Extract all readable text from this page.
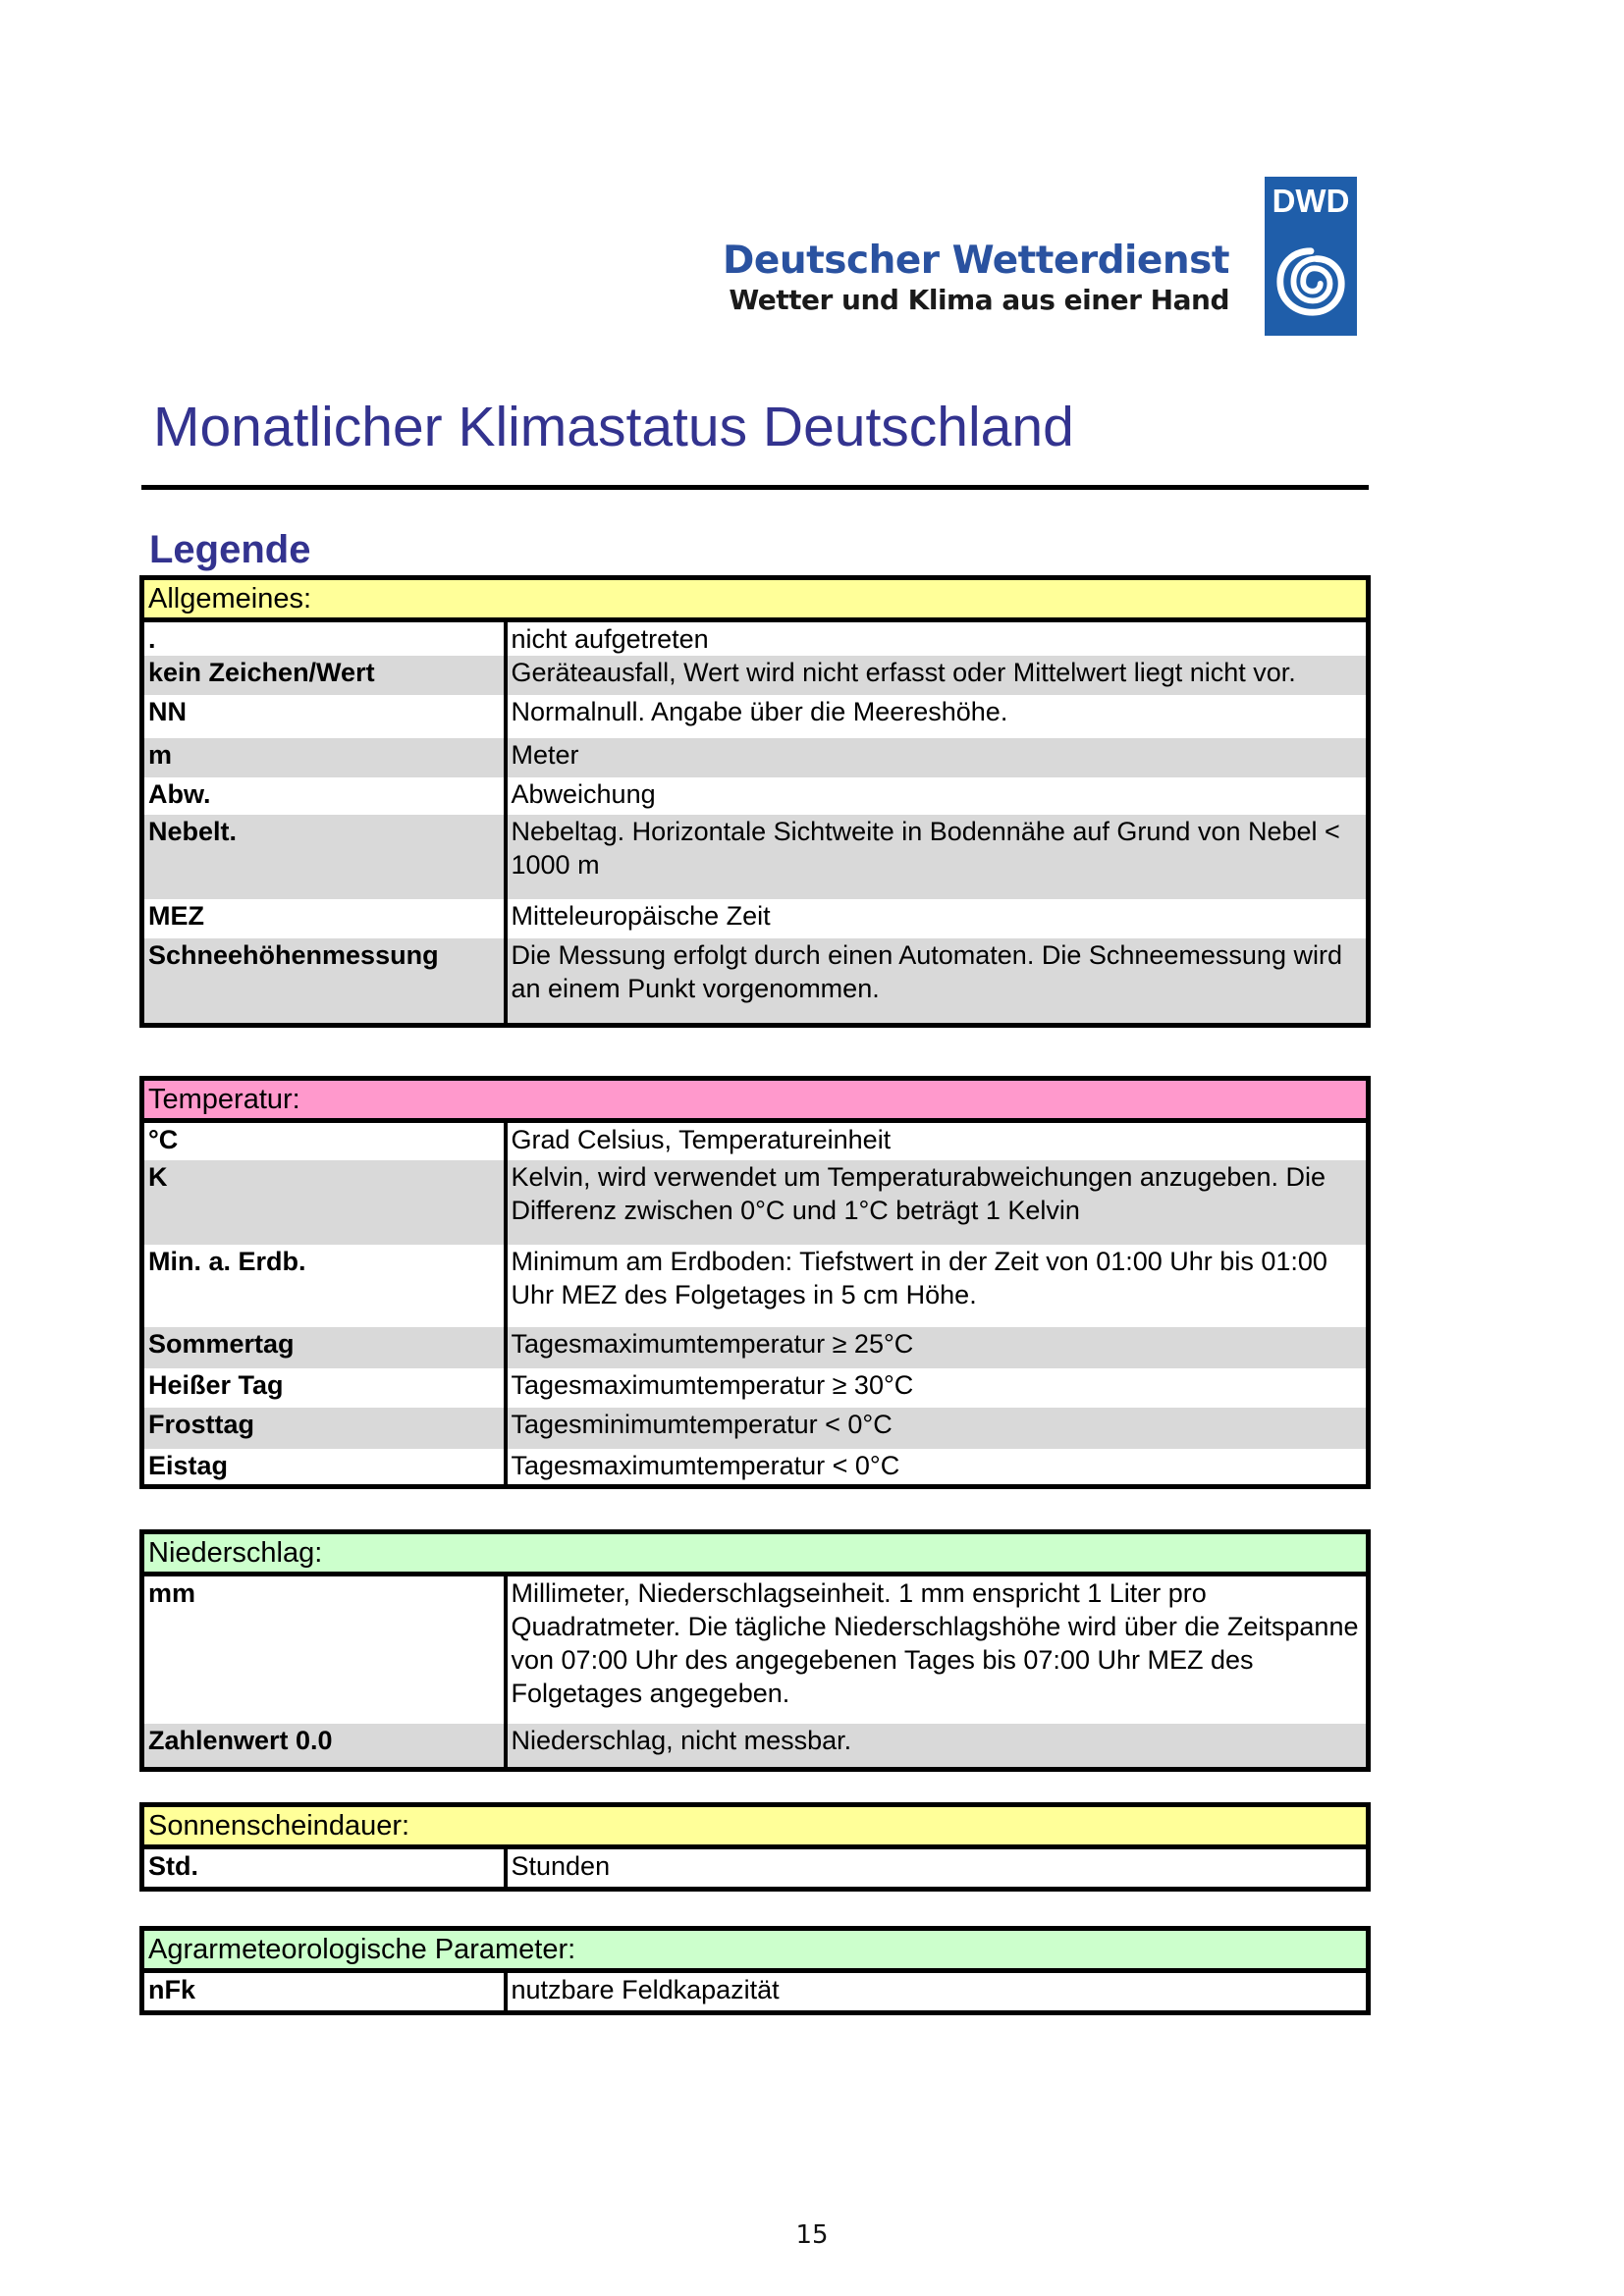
Deutscher Wetterdienst
Wetter und Klima aus einer Hand
DWD
Monatlicher Klimastatus Deutschland
Legende
Allgemeines:	
.	nicht aufgetreten
kein Zeichen/Wert	Geräteausfall, Wert wird nicht erfasst oder Mittelwert liegt nicht vor.
NN	Normalnull. Angabe über die Meereshöhe.
m	Meter
Abw.	Abweichung
Nebelt.	Nebeltag. Horizontale Sichtweite in Bodennähe auf Grund von Nebel < 1000 m
MEZ	Mitteleuropäische Zeit
Schneehöhenmessung	Die Messung erfolgt durch einen Automaten. Die Schneemessung wird an einem Punkt vorgenommen.
Temperatur:	
°C	Grad Celsius, Temperatureinheit
K	Kelvin, wird verwendet um Temperaturabweichungen anzugeben. Die Differenz zwischen 0°C und 1°C beträgt 1 Kelvin
Min. a. Erdb.	Minimum am Erdboden: Tiefstwert in der Zeit von 01:00 Uhr bis 01:00 Uhr MEZ des Folgetages in 5 cm Höhe.
Sommertag	Tagesmaximumtemperatur ≥ 25°C
Heißer Tag	Tagesmaximumtemperatur ≥ 30°C
Frosttag	Tagesminimumtemperatur < 0°C
Eistag	Tagesmaximumtemperatur < 0°C
Niederschlag:	
mm	Millimeter, Niederschlagseinheit. 1 mm enspricht 1 Liter pro Quadratmeter. Die tägliche Niederschlagshöhe wird über die Zeitspanne von 07:00 Uhr des angegebenen Tages bis 07:00 Uhr MEZ des Folgetages angegeben.
Zahlenwert 0.0	Niederschlag, nicht messbar.
Sonnenscheindauer:
Std.	Stunden
Agrarmeteorologische Parameter:
nFk	nutzbare Feldkapazität
15
